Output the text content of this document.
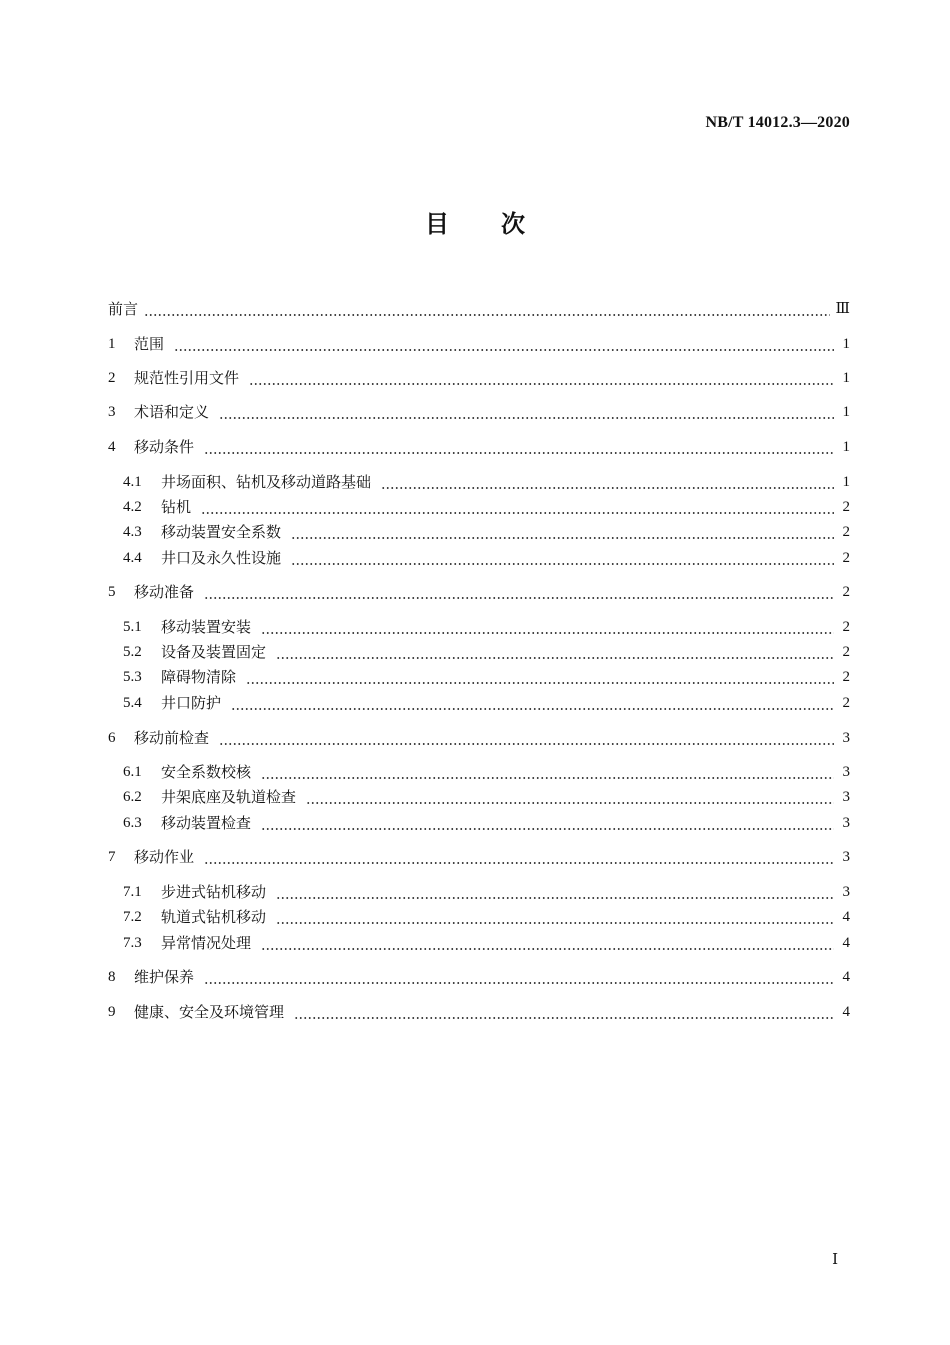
NB/T 14012.3—2020
目 次
前言	Ⅲ
1	范围	1
2	规范性引用文件	1
3	术语和定义	1
4	移动条件	1
4.1	井场面积、钻机及移动道路基础	1
4.2	钻机	2
4.3	移动装置安全系数	2
4.4	井口及永久性设施	2
5	移动准备	2
5.1	移动装置安装	2
5.2	设备及装置固定	2
5.3	障碍物清除	2
5.4	井口防护	2
6	移动前检查	3
6.1	安全系数校核	3
6.2	井架底座及轨道检查	3
6.3	移动装置检查	3
7	移动作业	3
7.1	步进式钻机移动	3
7.2	轨道式钻机移动	4
7.3	异常情况处理	4
8	维护保养	4
9	健康、安全及环境管理	4
Ⅰ
